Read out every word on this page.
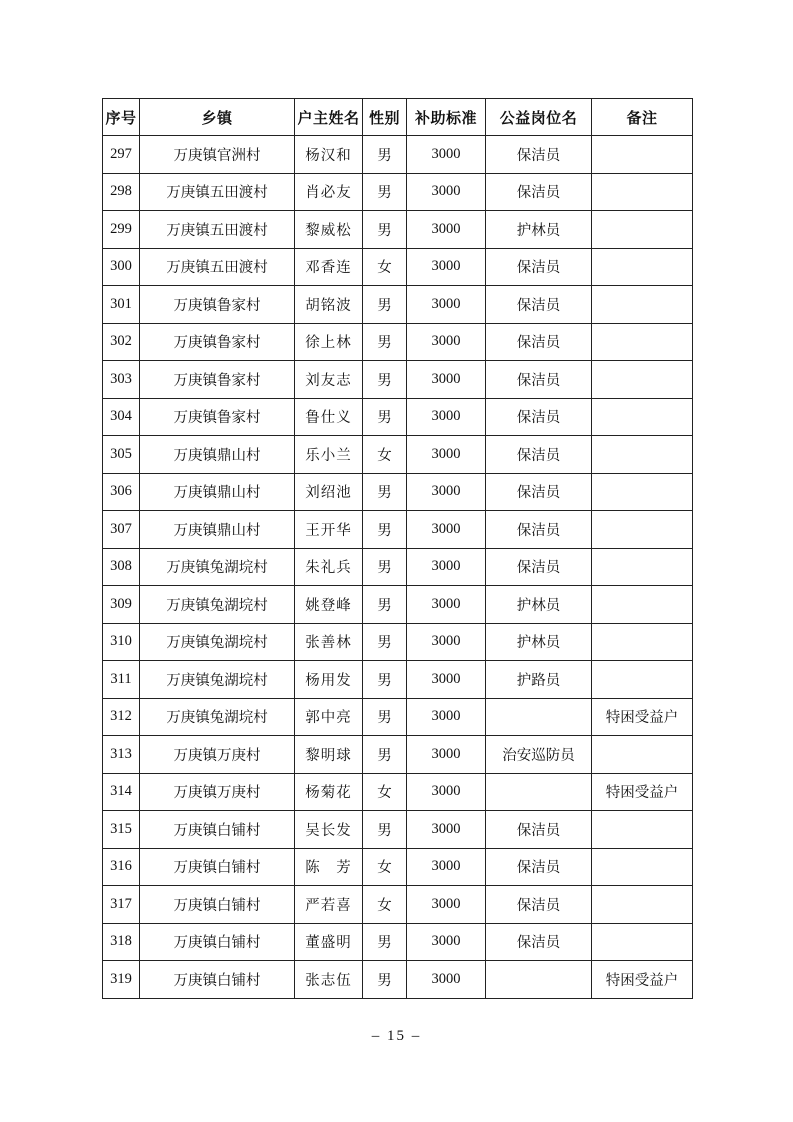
序号	乡镇	户主姓名	性别	补助标准	公益岗位名	备注
297	万庚镇官洲村	杨汉和	男	3000	保洁员	
298	万庚镇五田渡村	肖必友	男	3000	保洁员	
299	万庚镇五田渡村	黎威松	男	3000	护林员	
300	万庚镇五田渡村	邓香连	女	3000	保洁员	
301	万庚镇鲁家村	胡铭波	男	3000	保洁员	
302	万庚镇鲁家村	徐上林	男	3000	保洁员	
303	万庚镇鲁家村	刘友志	男	3000	保洁员	
304	万庚镇鲁家村	鲁仕义	男	3000	保洁员	
305	万庚镇鼎山村	乐小兰	女	3000	保洁员	
306	万庚镇鼎山村	刘绍池	男	3000	保洁员	
307	万庚镇鼎山村	王开华	男	3000	保洁员	
308	万庚镇兔湖垸村	朱礼兵	男	3000	保洁员	
309	万庚镇兔湖垸村	姚登峰	男	3000	护林员	
310	万庚镇兔湖垸村	张善林	男	3000	护林员	
311	万庚镇兔湖垸村	杨用发	男	3000	护路员	
312	万庚镇兔湖垸村	郭中亮	男	3000		特困受益户
313	万庚镇万庚村	黎明球	男	3000	治安巡防员	
314	万庚镇万庚村	杨菊花	女	3000		特困受益户
315	万庚镇白铺村	吴长发	男	3000	保洁员	
316	万庚镇白铺村	陈　芳	女	3000	保洁员	
317	万庚镇白铺村	严若喜	女	3000	保洁员	
318	万庚镇白铺村	董盛明	男	3000	保洁员	
319	万庚镇白铺村	张志伍	男	3000		特困受益户
– 15 –
